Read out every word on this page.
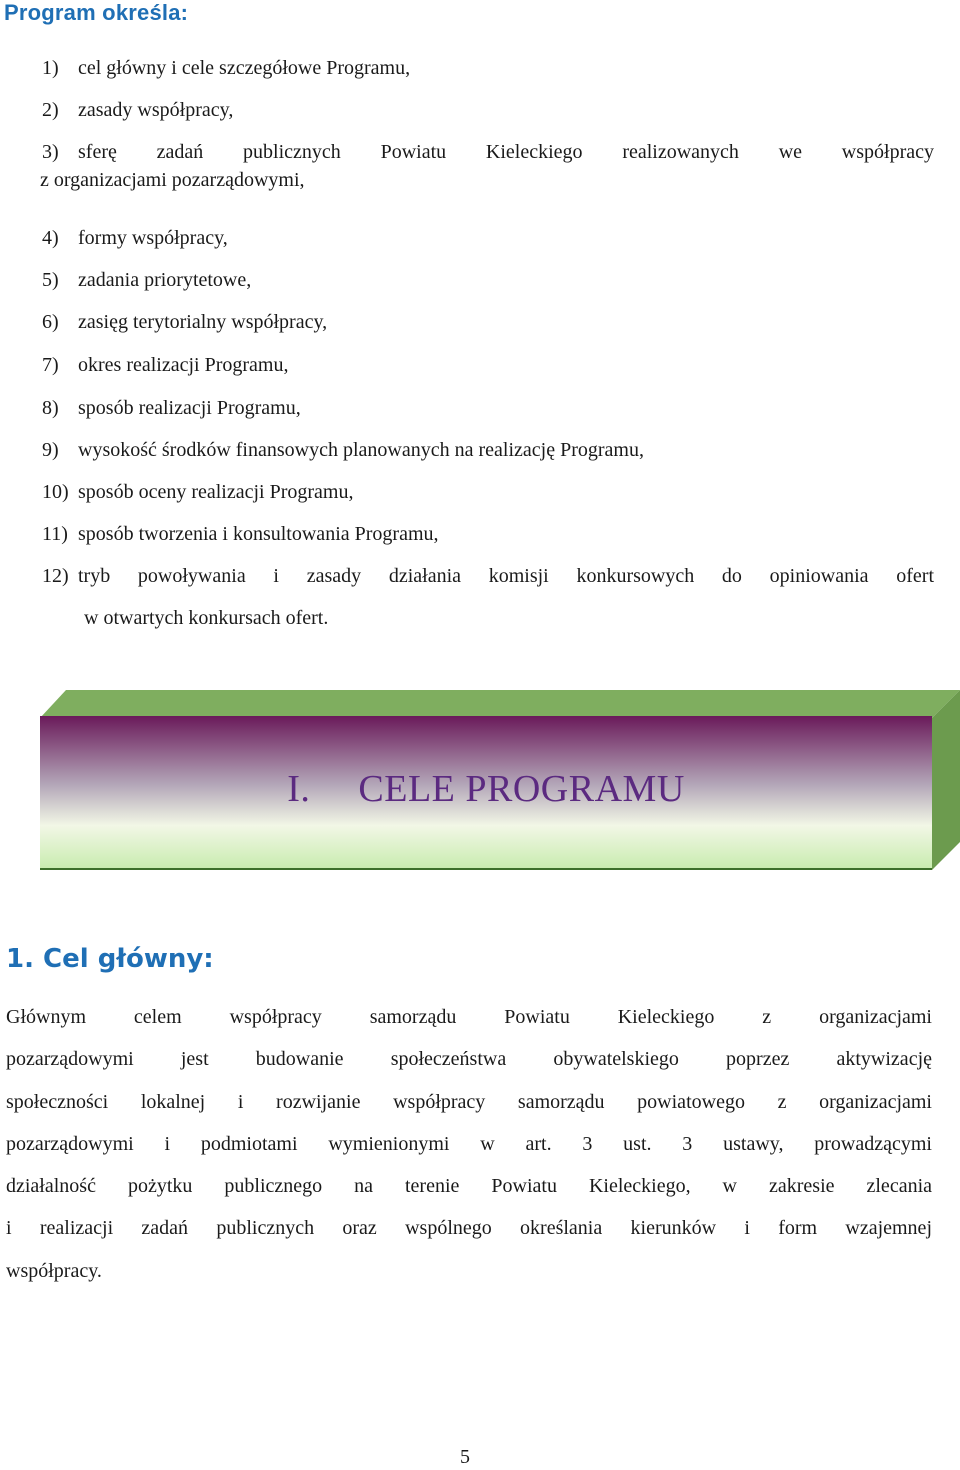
Program określa:
1) cel główny i cele szczegółowe Programu,
2) zasady współpracy,
3) sferę zadań publicznych Powiatu Kieleckiego realizowanych we współpracy
z organizacjami pozarządowymi,
4) formy współpracy,
5) zadania priorytetowe,
6) zasięg terytorialny współpracy,
7) okres realizacji Programu,
8) sposób realizacji Programu,
9) wysokość środków finansowych planowanych na realizację Programu,
10) sposób oceny realizacji Programu,
11) sposób tworzenia i konsultowania Programu,
12) tryb powoływania i zasady działania komisji konkursowych do opiniowania ofert
w otwartych konkursach ofert.
I. CELE PROGRAMU
1. Cel główny:
Głównym celem współpracy samorządu Powiatu Kieleckiego z organizacjami
pozarządowymi jest budowanie społeczeństwa obywatelskiego poprzez aktywizację
społeczności lokalnej i rozwijanie współpracy samorządu powiatowego z organizacjami
pozarządowymi i podmiotami wymienionymi w art. 3 ust. 3 ustawy, prowadzącymi
działalność pożytku publicznego na terenie Powiatu Kieleckiego, w zakresie zlecania
i realizacji zadań publicznych oraz wspólnego określania kierunków i form wzajemnej
współpracy.
5
